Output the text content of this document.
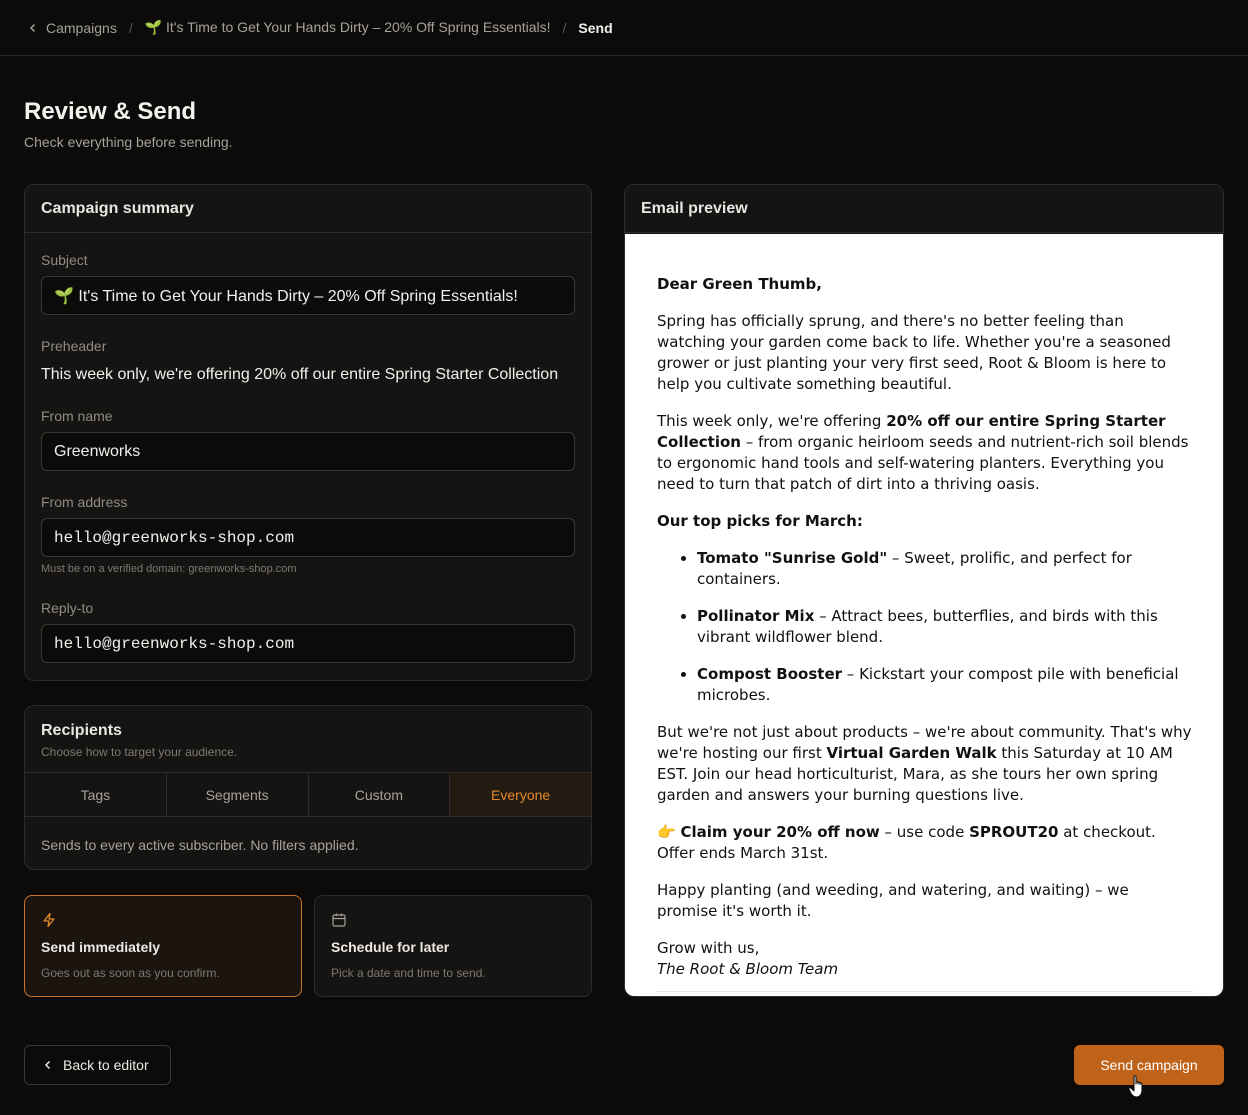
Campaigns / 🌱 It's Time to Get Your Hands Dirty – 20% Off Spring Essentials! / Send
Review & Send
Check everything before sending.
Campaign summary
Subject
🌱 It's Time to Get Your Hands Dirty – 20% Off Spring Essentials!
Preheader
This week only, we're offering 20% off our entire Spring Starter Collection
From name
Greenworks
From address
hello@greenworks-shop.com
Must be on a verified domain: greenworks-shop.com
Reply-to
hello@greenworks-shop.com
Recipients
Choose how to target your audience.
Tags	Segments	Custom	Everyone
Sends to every active subscriber. No filters applied.
Send immediately
Goes out as soon as you confirm.
Schedule for later
Pick a date and time to send.
Email preview

Dear Green Thumb,

Spring has officially sprung, and there's no better feeling than watching your garden come back to life. Whether you're a seasoned grower or just planting your very first seed, Root & Bloom is here to help you cultivate something beautiful.

This week only, we're offering 20% off our entire Spring Starter Collection – from organic heirloom seeds and nutrient-rich soil blends to ergonomic hand tools and self-watering planters. Everything you need to turn that patch of dirt into a thriving oasis.

Our top picks for March:

• Tomato "Sunrise Gold" – Sweet, prolific, and perfect for containers.
• Pollinator Mix – Attract bees, butterflies, and birds with this vibrant wildflower blend.
• Compost Booster – Kickstart your compost pile with beneficial microbes.

But we're not just about products – we're about community. That's why we're hosting our first Virtual Garden Walk this Saturday at 10 AM EST. Join our head horticulturist, Mara, as she tours her own spring garden and answers your burning questions live.

👉 Claim your 20% off now – use code SPROUT20 at checkout. Offer ends March 31st.

Happy planting (and weeding, and watering, and waiting) – we promise it's worth it.

Grow with us,
The Root & Bloom Team
Back to editor	Send campaign
